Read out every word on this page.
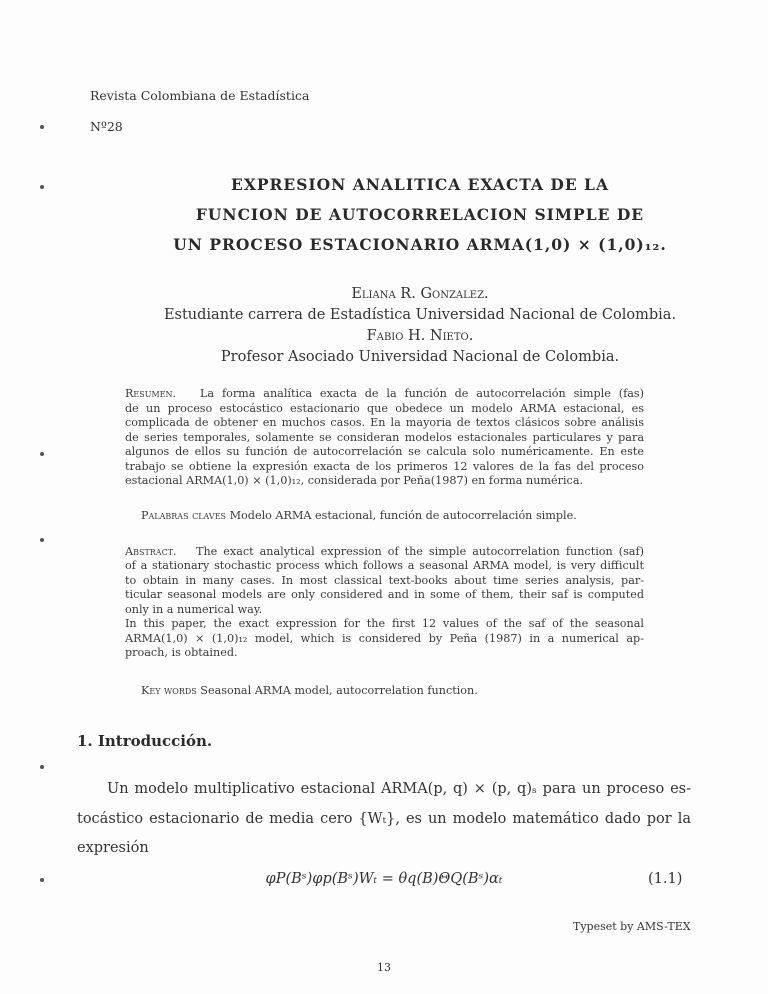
Revista Colombiana de Estadística
Nº28
EXPRESION ANALITICA EXACTA DE LA
FUNCION DE AUTOCORRELACION SIMPLE DE
UN PROCESO ESTACIONARIO ARMA(1,0) × (1,0)₁₂.
Eliana R. Gonzalez.
Estudiante carrera de Estadística Universidad Nacional de Colombia.
Fabio H. Nieto.
Profesor Asociado Universidad Nacional de Colombia.
Resumen. La forma analítica exacta de la función de autocorrelación simple (fas)
de un proceso estocástico estacionario que obedece un modelo ARMA estacional, es
complicada de obtener en muchos casos. En la mayoria de textos clásicos sobre análisis
de series temporales, solamente se consideran modelos estacionales particulares y para
algunos de ellos su función de autocorrelación se calcula solo numéricamente. En este
trabajo se obtiene la expresión exacta de los primeros 12 valores de la fas del proceso
estacional ARMA(1,0) × (1,0)₁₂, considerada por Peña(1987) en forma numérica.
Palabras claves Modelo ARMA estacional, función de autocorrelación simple.
Abstract. The exact analytical expression of the simple autocorrelation function (saf)
of a stationary stochastic process which follows a seasonal ARMA model, is very difficult
to obtain in many cases. In most classical text-books about time series analysis, par-
ticular seasonal models are only considered and in some of them, their saf is computed
only in a numerical way.
In this paper, the exact expression for the first 12 values of the saf of the seasonal
ARMA(1,0) × (1,0)₁₂ model, which is considered by Peña (1987) in a numerical ap-
proach, is obtained.
Key words Seasonal ARMA model, autocorrelation function.
1. Introducción.
Un modelo multiplicativo estacional ARMA(p, q) × (p, q)ₛ para un proceso es-
tocástico estacionario de media cero {Wₜ}, es un modelo matemático dado por la
expresión
φP(Bˢ)φp(Bˢ)Wₜ = θq(B)ΘQ(Bˢ)αₜ	(1.1)
Typeset by AMS-TEX
13
